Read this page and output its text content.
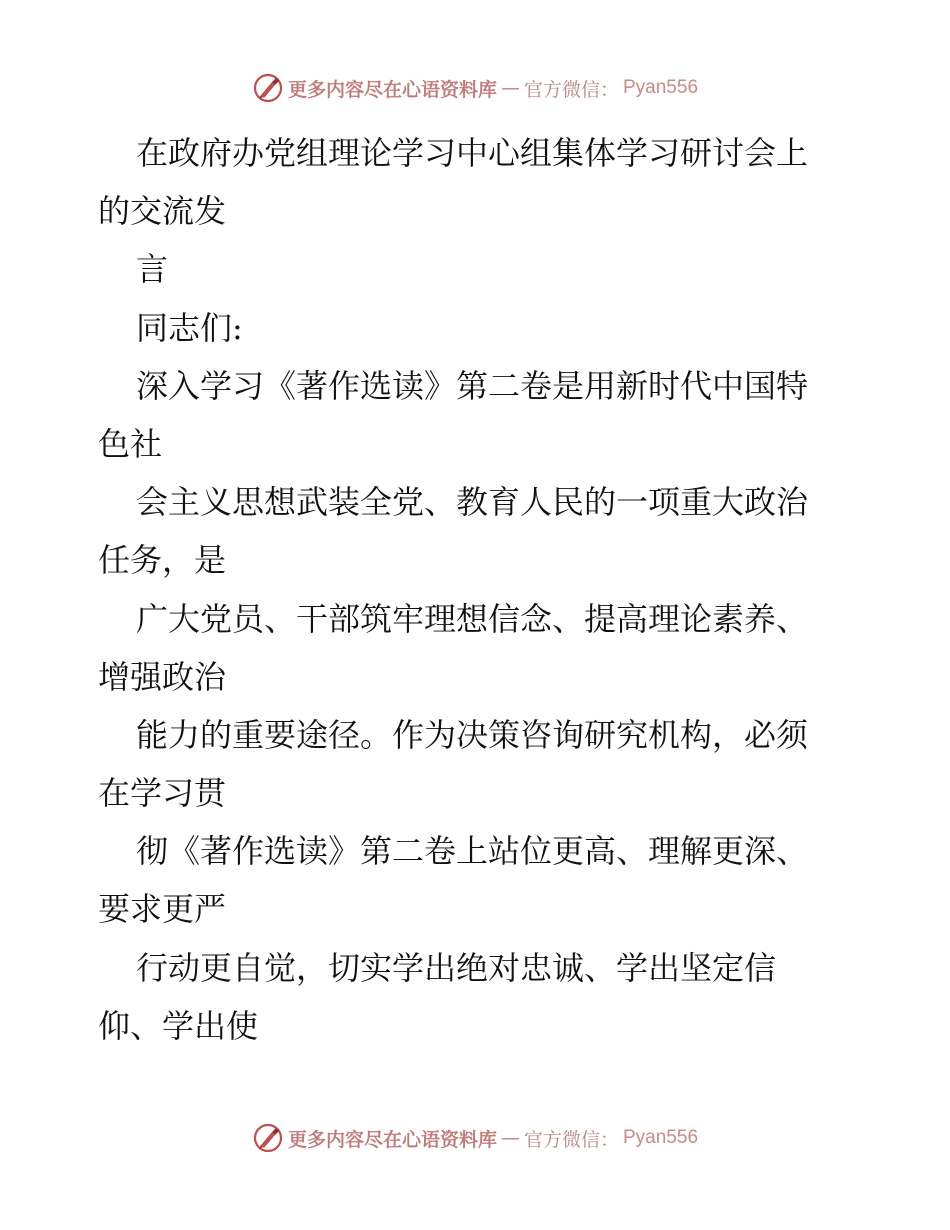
更多内容尽在心语资料库 — 官方微信： Pyan556
在政府办党组理论学习中心组集体学习研讨会上
的交流发
言
同志们:
深入学习《著作选读》第二卷是用新时代中国特
色社
会主义思想武装全党、教育人民的一项重大政治
任务，是
广大党员、干部筑牢理想信念、提高理论素养、
增强政治
能力的重要途径。作为决策咨询研究机构，必须
在学习贯
彻《著作选读》第二卷上站位更高、理解更深、
要求更严
行动更自觉，切实学出绝对忠诚、学出坚定信
仰、学出使
更多内容尽在心语资料库 — 官方微信： Pyan556
